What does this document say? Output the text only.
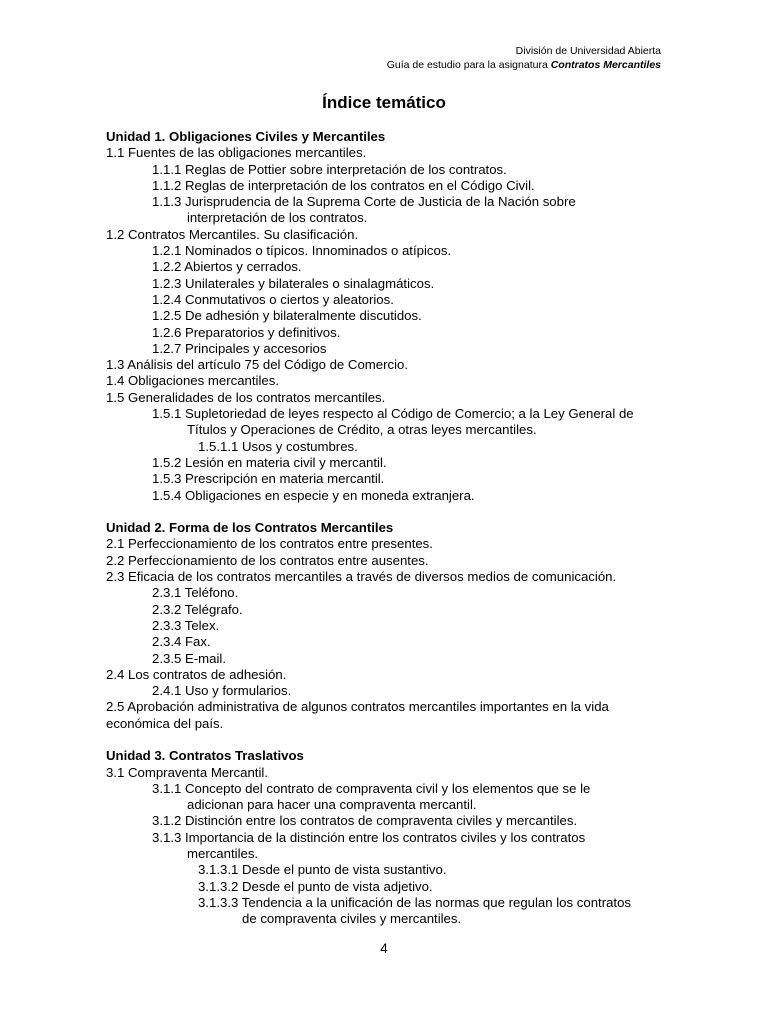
División de Universidad Abierta
Guía de estudio para la asignatura Contratos Mercantiles
Índice temático
Unidad 1. Obligaciones Civiles y Mercantiles
1.1 Fuentes de las obligaciones mercantiles.
1.1.1 Reglas de Pottier sobre interpretación de los contratos.
1.1.2 Reglas de interpretación de los contratos en el Código Civil.
1.1.3 Jurisprudencia de la Suprema Corte de Justicia de la Nación sobre
interpretación de los contratos.
1.2 Contratos Mercantiles. Su clasificación.
1.2.1 Nominados o típicos. Innominados o atípicos.
1.2.2 Abiertos y cerrados.
1.2.3 Unilaterales y bilaterales o sinalagmáticos.
1.2.4 Conmutativos o ciertos y aleatorios.
1.2.5 De adhesión y bilateralmente discutidos.
1.2.6 Preparatorios y definitivos.
1.2.7 Principales y accesorios
1.3 Análisis del artículo 75 del Código de Comercio.
1.4 Obligaciones mercantiles.
1.5 Generalidades de los contratos mercantiles.
1.5.1 Supletoriedad de leyes respecto al Código de Comercio; a la Ley General de
Títulos y Operaciones de Crédito, a otras leyes mercantiles.
1.5.1.1 Usos y costumbres.
1.5.2 Lesión en materia civil y mercantil.
1.5.3 Prescripción en materia mercantil.
1.5.4 Obligaciones en especie y en moneda extranjera.
Unidad 2. Forma de los Contratos Mercantiles
2.1 Perfeccionamiento de los contratos entre presentes.
2.2 Perfeccionamiento de los contratos entre ausentes.
2.3 Eficacia de los contratos mercantiles a través de diversos medios de comunicación.
2.3.1 Teléfono.
2.3.2 Telégrafo.
2.3.3 Telex.
2.3.4 Fax.
2.3.5 E-mail.
2.4 Los contratos de adhesión.
2.4.1 Uso y formularios.
2.5 Aprobación administrativa de algunos contratos mercantiles importantes en la vida
económica del país.
Unidad 3. Contratos Traslativos
3.1 Compraventa Mercantil.
3.1.1 Concepto del contrato de compraventa civil y los elementos que se le
adicionan para hacer una compraventa mercantil.
3.1.2 Distinción entre los contratos de compraventa civiles y mercantiles.
3.1.3 Importancia de la distinción entre los contratos civiles y los contratos
mercantiles.
3.1.3.1 Desde el punto de vista sustantivo.
3.1.3.2 Desde el punto de vista adjetivo.
3.1.3.3 Tendencia a la unificación de las normas que regulan los contratos
de compraventa civiles y mercantiles.
4
